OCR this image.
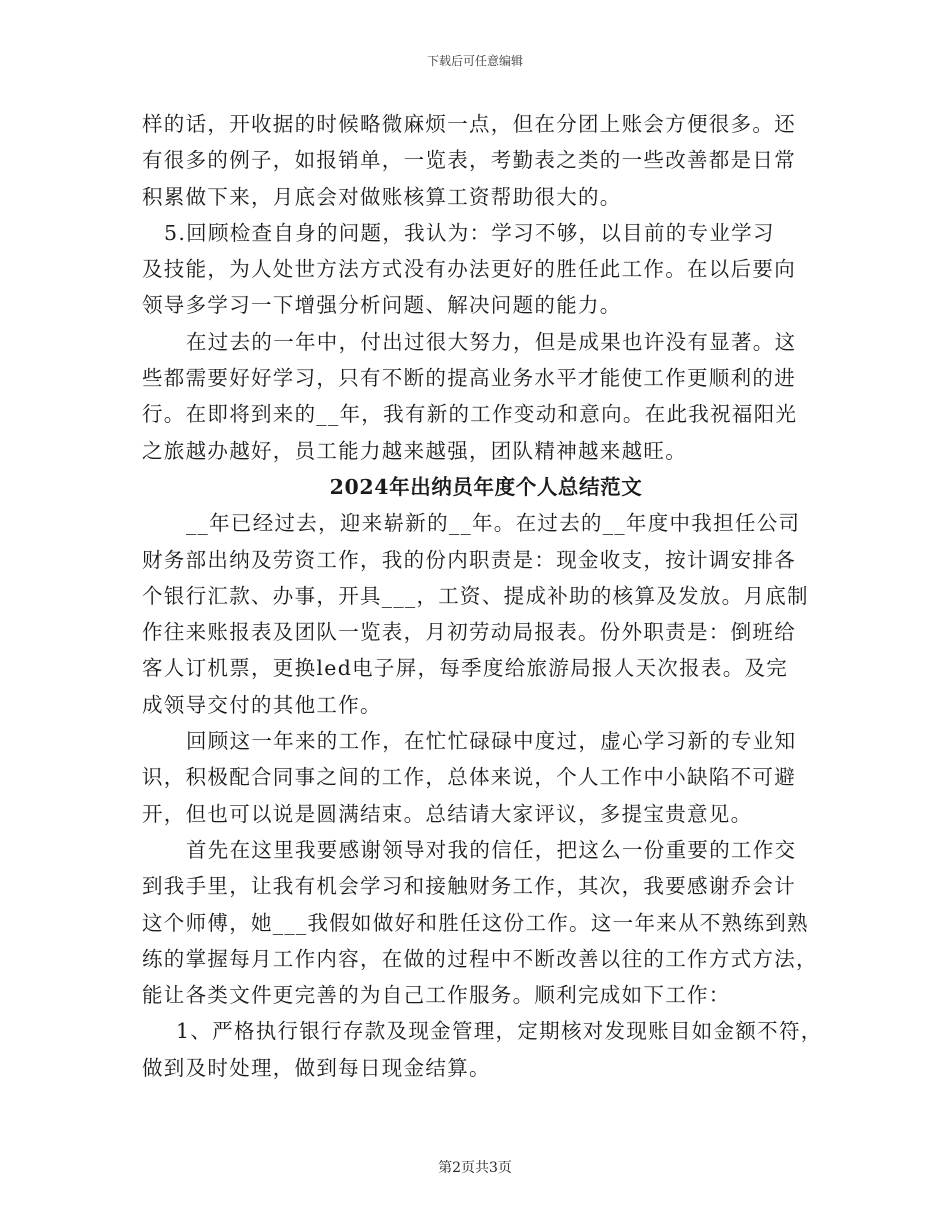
下载后可任意编辑

样的话，开收据的时候略微麻烦一点，但在分团上账会方便很多。还
有很多的例子，如报销单，一览表，考勤表之类的一些改善都是日常
积累做下来，月底会对做账核算工资帮助很大的。

5.回顾检查自身的问题，我认为：学习不够，以目前的专业学习
及技能，为人处世方法方式没有办法更好的胜任此工作。在以后要向
领导多学习一下增强分析问题、解决问题的能力。

在过去的一年中，付出过很大努力，但是成果也许没有显著。这
些都需要好好学习，只有不断的提高业务水平才能使工作更顺利的进
行。在即将到来的__年，我有新的工作变动和意向。在此我祝福阳光
之旅越办越好，员工能力越来越强，团队精神越来越旺。

2024年出纳员年度个人总结范文

__年已经过去，迎来崭新的__年。在过去的__年度中我担任公司
财务部出纳及劳资工作，我的份内职责是：现金收支，按计调安排各
个银行汇款、办事，开具___，工资、提成补助的核算及发放。月底制
作往来账报表及团队一览表，月初劳动局报表。份外职责是：倒班给
客人订机票，更换led电子屏，每季度给旅游局报人天次报表。及完
成领导交付的其他工作。

回顾这一年来的工作，在忙忙碌碌中度过，虚心学习新的专业知
识，积极配合同事之间的工作，总体来说，个人工作中小缺陷不可避
开，但也可以说是圆满结束。总结请大家评议，多提宝贵意见。

首先在这里我要感谢领导对我的信任，把这么一份重要的工作交
到我手里，让我有机会学习和接触财务工作，其次，我要感谢乔会计
这个师傅，她___我假如做好和胜任这份工作。这一年来从不熟练到熟
练的掌握每月工作内容，在做的过程中不断改善以往的工作方式方法，
能让各类文件更完善的为自己工作服务。顺利完成如下工作：

1、严格执行银行存款及现金管理，定期核对发现账目如金额不符，
做到及时处理，做到每日现金结算。

第2页共3页
